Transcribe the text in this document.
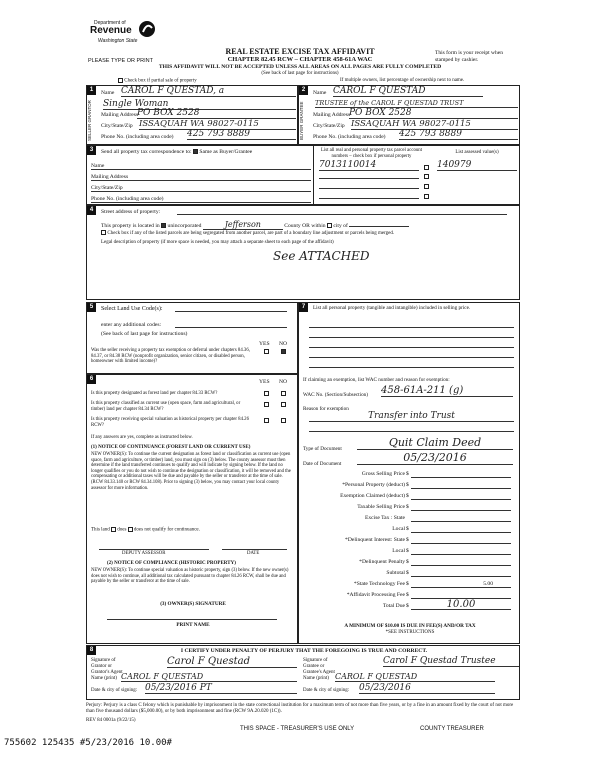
Department of
Revenue
Washington State
REAL ESTATE EXCISE TAX AFFIDAVIT
CHAPTER 82.45 RCW – CHAPTER 458-61A WAC
THIS AFFIDAVIT WILL NOT BE ACCEPTED UNLESS ALL AREAS ON ALL PAGES ARE FULLY COMPLETED
(See back of last page for instructions)
PLEASE TYPE OR PRINT
This form is your receipt when stamped by cashier.
Check box if partial sale of property	If multiple owners, list percentage of ownership next to name.
1
SELLER GRANTOR
Name CAROL F QUESTAD, a
Single Woman
Mailing Address
PO BOX 2528
City/State/Zip ISSAQUAH WA 98027-0115
Phone No. (including area code) 425 793 8889
2
BUYER GRANTEE
Name CAROL F QUESTAD
TRUSTEE of the CAROL F QUESTAD TRUST
Mailing Address
PO BOX 2528
City/State/Zip ISSAQUAH WA 98027-0115
Phone No. (including area code) 425 793 8889
3	Send all property tax correspondence to: Same as Buyer/Grantee
Name
Mailing Address
City/State/Zip
Phone No. (including area code)
List all real and personal property tax parcel account numbers – check box if personal property
List assessed value(s)
7013110014	140979
4	Street address of property:
This property is located in unincorporated	Jefferson	County OR within city of
Check box if any of the listed parcels are being segregated from another parcel, are part of a boundary line adjustment or parcels being merged.
Legal description of property (if more space is needed, you may attach a separate sheet to each page of the affidavit)
See ATTACHED
5	Select Land Use Code(s):
enter any additional codes:
(See back of last page for instructions)
YES NO
Was the seller receiving a property tax exemption or deferral under chapters 84.36, 84.37, or 84.38 RCW (nonprofit organization, senior citizen, or disabled person, homeowner with limited income)?
6	YES NO
Is this property designated as forest land per chapter 84.33 RCW?
Is this property classified as current use (open space, farm and agricultural, or timber) land per chapter 84.34 RCW?
Is this property receiving special valuation as historical property per chapter 84.26 RCW?
If any answers are yes, complete as instructed below.
(1) NOTICE OF CONTINUANCE (FOREST LAND OR CURRENT USE)
NEW OWNER(S): To continue the current designation as forest land or classification as current use (open space, farm and agriculture, or timber) land, you must sign on (3) below. The county assessor must then determine if the land transferred continues to qualify and will indicate by signing below. If the land no longer qualifies or you do not wish to continue the designation or classification, it will be removed and the compensating or additional taxes will be due and payable by the seller or transferor at the time of sale. (RCW 84.33.140 or RCW 84.34.108). Prior to signing (3) below, you may contact your local county assessor for more information.
This land does does not qualify for continuance.
DEPUTY ASSESSOR	DATE
(2) NOTICE OF COMPLIANCE (HISTORIC PROPERTY)
NEW OWNER(S): To continue special valuation as historic property, sign (3) below. If the new owner(s) does not wish to continue, all additional tax calculated pursuant to chapter 84.26 RCW, shall be due and payable by the seller or transferor at the time of sale.
(3) OWNER(S) SIGNATURE
PRINT NAME
7	List all personal property (tangible and intangible) included in selling price.
If claiming an exemption, list WAC number and reason for exemption:
WAC No. (Section/Subsection) 458-61A-211 (g)
Reason for exemption
Transfer into Trust
Type of Document	Quit Claim Deed
Date of Document	05/23/2016
Gross Selling Price $
*Personal Property (deduct) $
Exemption Claimed (deduct) $
Taxable Selling Price $
Excise Tax : State
Local $
*Delinquent Interest: State $
Local $
*Delinquent Penalty $
Subtotal $
*State Technology Fee $	5.00
*Affidavit Processing Fee $
Total Due $	10.00
A MINIMUM OF $10.00 IS DUE IN FEE(S) AND/OR TAX
*SEE INSTRUCTIONS
8	I CERTIFY UNDER PENALTY OF PERJURY THAT THE FOREGOING IS TRUE AND CORRECT.
Signature of Grantor or Grantor's Agent
Carol F Questad
Name (print) CAROL F QUESTAD
Date & city of signing: 05/23/2016 PT
Signature of Grantee or Grantee's Agent
Carol F Questad Trustee
Name (print) CAROL F QUESTAD
Date & city of signing: 05/23/2016
Perjury: Perjury is a class C felony which is punishable by imprisonment in the state correctional institution for a maximum term of not more than five years, or by a fine in an amount fixed by the court of not more than five thousand dollars ($5,000.00), or by both imprisonment and fine (RCW 9A.20.020 (1C)).
REV 84 0001a (9/22/15)
THIS SPACE - TREASURER'S USE ONLY	COUNTY TREASURER
755602 125435 #5/23/2016 10.00#
